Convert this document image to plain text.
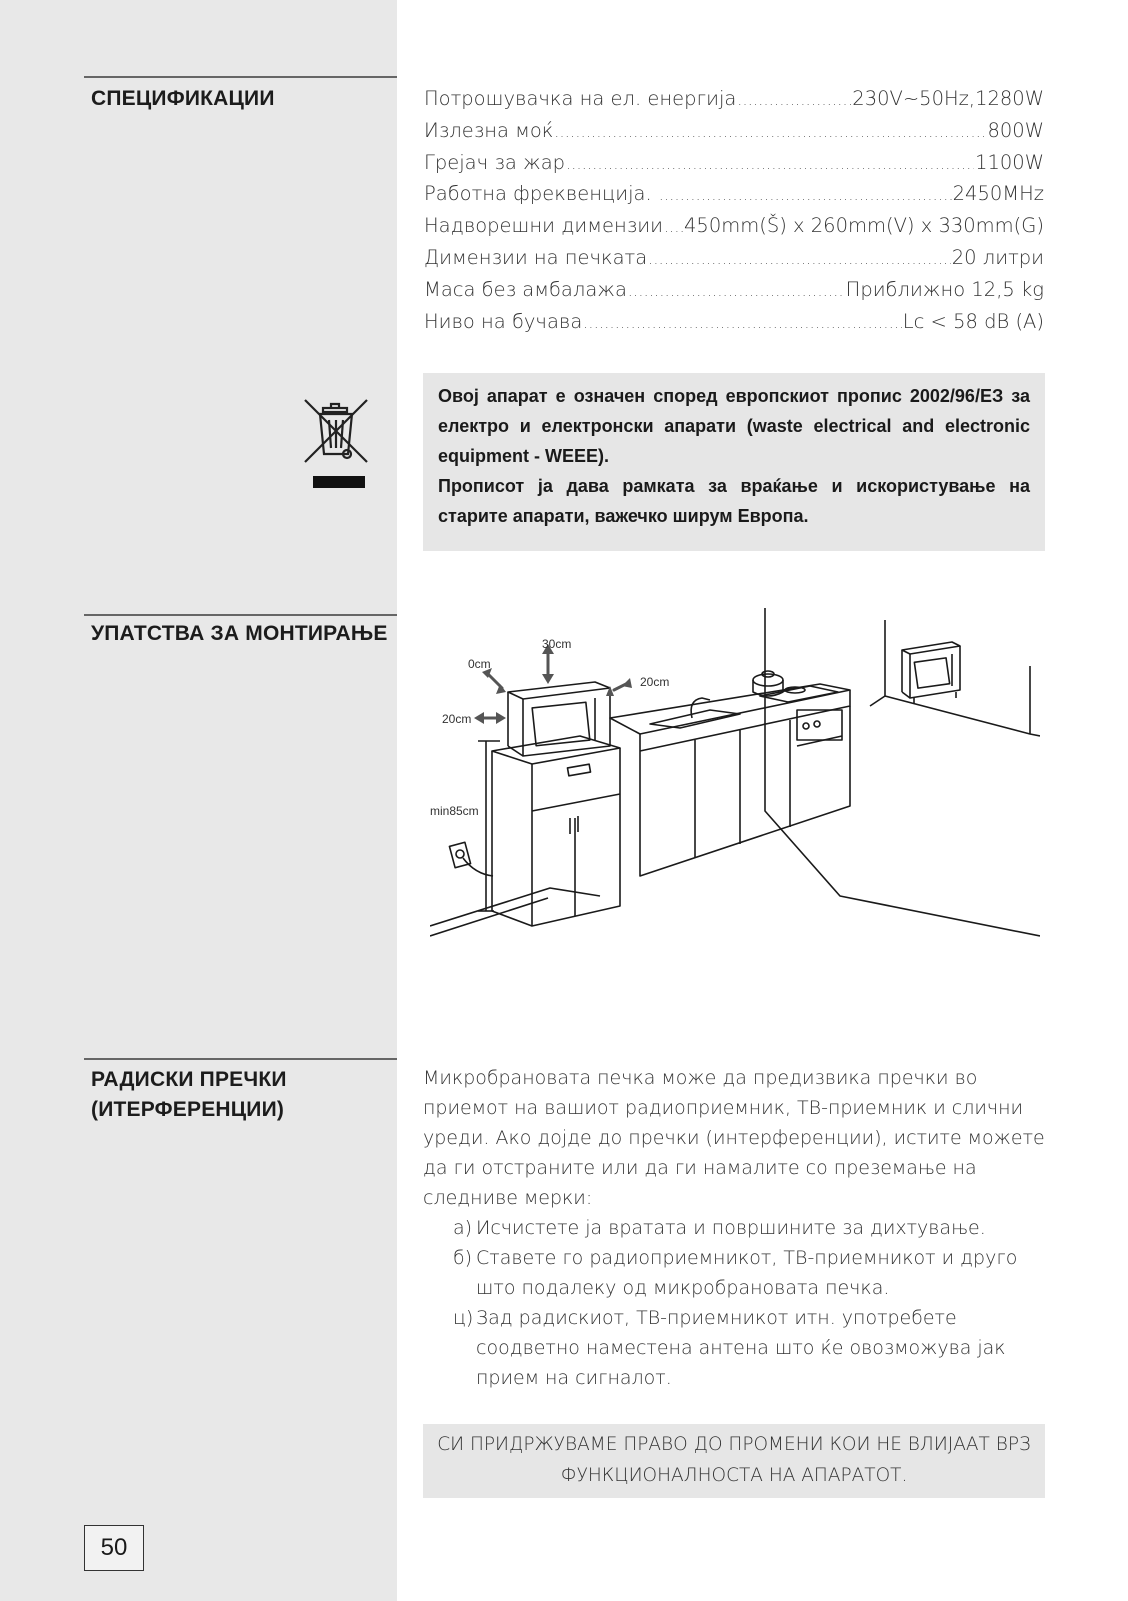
СПЕЦИФИКАЦИИ	Потрошувачка на ел. енергија .....	230V~50Hz,1280W
Излезна моќ .....	800W
Грејач за жар .....	1100W
Работна фреквенција. .....	2450MHz
Надворешни димензии ..... 450mm(Š) x 260mm(V) x 330mm(G)
Димензии на печката .....	20 литри
Маса без амбалажа .....	Приближно 12,5 kg
Ниво на бучава .....	Lc < 58 dB (A)

Овој апарат е означен според европскиот пропис 2002/96/ЕЗ за електро и електронски апарати (waste electrical and electronic equipment - WEEE).

Прописот ја дава рамката за враќање и искористување на старите апарати, важечко ширум Европа.

УПАТСТВА ЗА МОНТИРАЊЕ	30cm
0cm
20cm
20cm
min85cm
РАДИСКИ ПРЕЧКИ
(ИТЕРФЕРЕНЦИИ)

Микробрановата печка може да предизвика пречки во приемот на вашиот радиоприемник, ТВ-приемник и слични уреди. Ако дојде до пречки (интерференции), истите можете да ги отстраните или да ги намалите со преземање на следниве мерки:

а) Исчистете ја вратата и површините за дихтување.
б) Ставете го радиоприемникот, ТВ-приемникот и друго што подалеку од микробрановата печка.
ц) Зад радискиот, ТВ-приемникот итн. употребете соодветно наместена антена што ќе овозможува јак прием на сигналот.
СИ ПРИДРЖУВАМЕ ПРАВО ДО ПРОМЕНИ КОИ НЕ ВЛИЈААТ ВРЗ
ФУНКЦИОНАЛНОСТА НА АПАРАТОТ.
50
